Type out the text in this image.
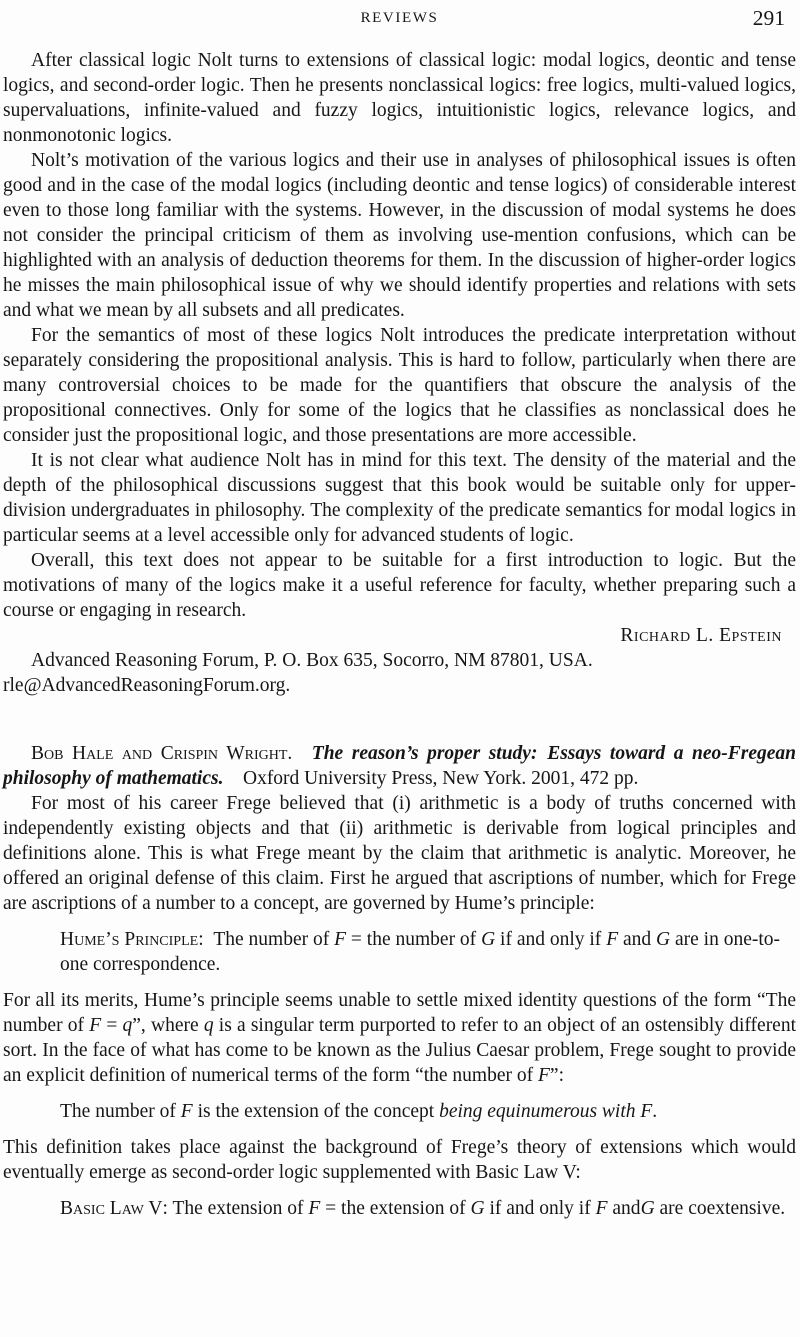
REVIEWS	291

After classical logic Nolt turns to extensions of classical logic: modal logics, deontic and tense logics, and second-order logic. Then he presents nonclassical logics: free logics, multi-valued logics, supervaluations, infinite-valued and fuzzy logics, intuitionistic logics, relevance logics, and nonmonotonic logics.

Nolt’s motivation of the various logics and their use in analyses of philosophical issues is often good and in the case of the modal logics (including deontic and tense logics) of considerable interest even to those long familiar with the systems. However, in the discussion of modal systems he does not consider the principal criticism of them as involving use-mention confusions, which can be highlighted with an analysis of deduction theorems for them. In the discussion of higher-order logics he misses the main philosophical issue of why we should identify properties and relations with sets and what we mean by all subsets and all predicates.

For the semantics of most of these logics Nolt introduces the predicate interpretation without separately considering the propositional analysis. This is hard to follow, particularly when there are many controversial choices to be made for the quantifiers that obscure the analysis of the propositional connectives. Only for some of the logics that he classifies as nonclassical does he consider just the propositional logic, and those presentations are more accessible.

It is not clear what audience Nolt has in mind for this text. The density of the material and the depth of the philosophical discussions suggest that this book would be suitable only for upper-division undergraduates in philosophy. The complexity of the predicate semantics for modal logics in particular seems at a level accessible only for advanced students of logic.

Overall, this text does not appear to be suitable for a first introduction to logic. But the motivations of many of the logics make it a useful reference for faculty, whether preparing such a course or engaging in research.

Richard L. Epstein

Advanced Reasoning Forum, P. O. Box 635, Socorro, NM 87801, USA. rle@AdvancedReasoningForum.org.

Bob Hale and Crispin Wright.   The reason’s proper study: Essays toward a neo-Fregean philosophy of mathematics.  Oxford University Press, New York. 2001, 472 pp.

For most of his career Frege believed that (i) arithmetic is a body of truths concerned with independently existing objects and that (ii) arithmetic is derivable from logical principles and definitions alone. This is what Frege meant by the claim that arithmetic is analytic. Moreover, he offered an original defense of this claim. First he argued that ascriptions of number, which for Frege are ascriptions of a number to a concept, are governed by Hume’s principle:

Hume’s Principle: The number of F = the number of G if and only if F and G are in one-to-one correspondence.

For all its merits, Hume’s principle seems unable to settle mixed identity questions of the form “The number of F = q”, where q is a singular term purported to refer to an object of an ostensibly different sort. In the face of what has come to be known as the Julius Caesar problem, Frege sought to provide an explicit definition of numerical terms of the form “the number of F”:

The number of F is the extension of the concept being equinumerous with F.

This definition takes place against the background of Frege’s theory of extensions which would eventually emerge as second-order logic supplemented with Basic Law V:

Basic Law V: The extension of F = the extension of G if and only if F andG are coextensive.
